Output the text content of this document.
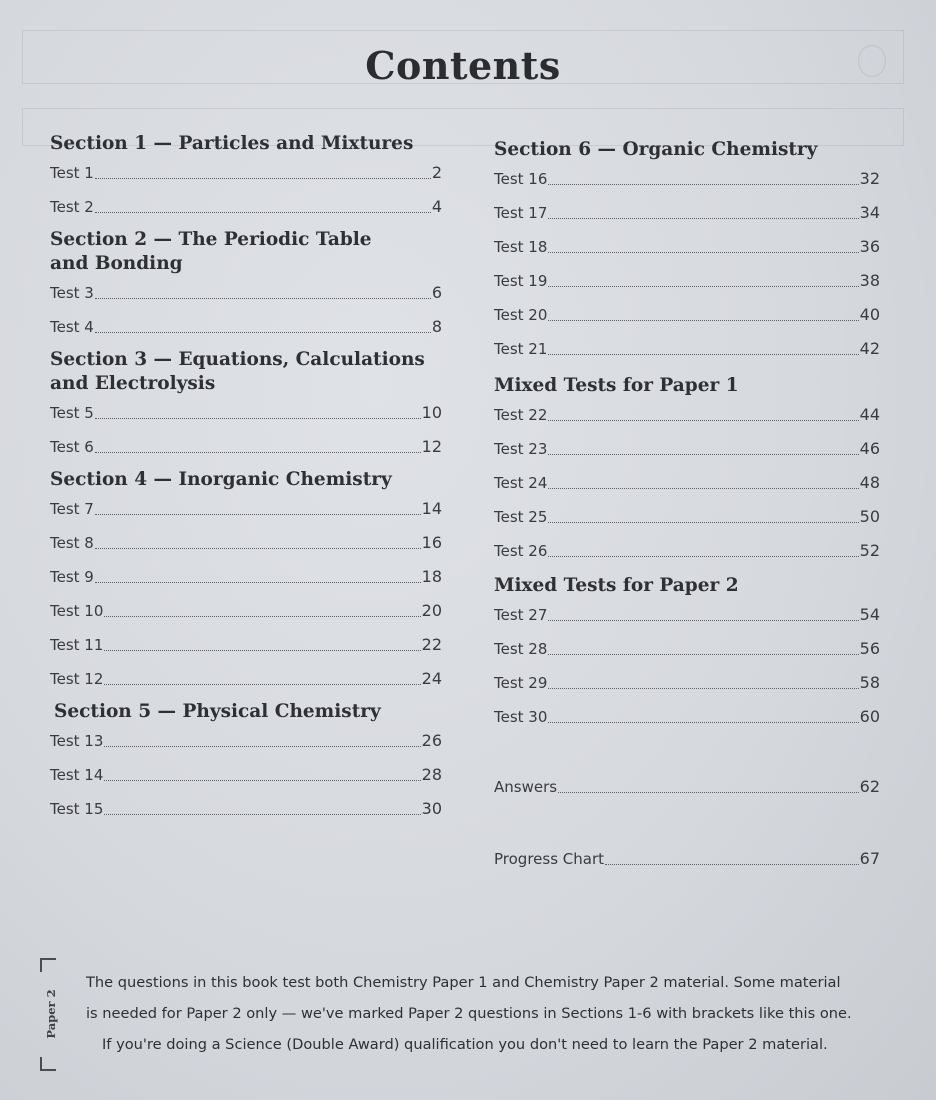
Contents
Section 1 — Particles and Mixtures
Test 1	2
Test 2	4
Section 2 — The Periodic Table and Bonding
Test 3	6
Test 4	8
Section 3 — Equations, Calculations and Electrolysis
Test 5	10
Test 6	12
Section 4 — Inorganic Chemistry
Test 7	14
Test 8	16
Test 9	18
Test 10	20
Test 11	22
Test 12	24
Section 5 — Physical Chemistry
Test 13	26
Test 14	28
Test 15	30
Section 6 — Organic Chemistry
Test 16	32
Test 17	34
Test 18	36
Test 19	38
Test 20	40
Test 21	42
Mixed Tests for Paper 1
Test 22	44
Test 23	46
Test 24	48
Test 25	50
Test 26	52
Mixed Tests for Paper 2
Test 27	54
Test 28	56
Test 29	58
Test 30	60
Answers	62
Progress Chart	67
Paper 2
The questions in this book test both Chemistry Paper 1 and Chemistry Paper 2 material. Some material
is needed for Paper 2 only — we've marked Paper 2 questions in Sections 1-6 with brackets like this one.
If you're doing a Science (Double Award) qualification you don't need to learn the Paper 2 material.
